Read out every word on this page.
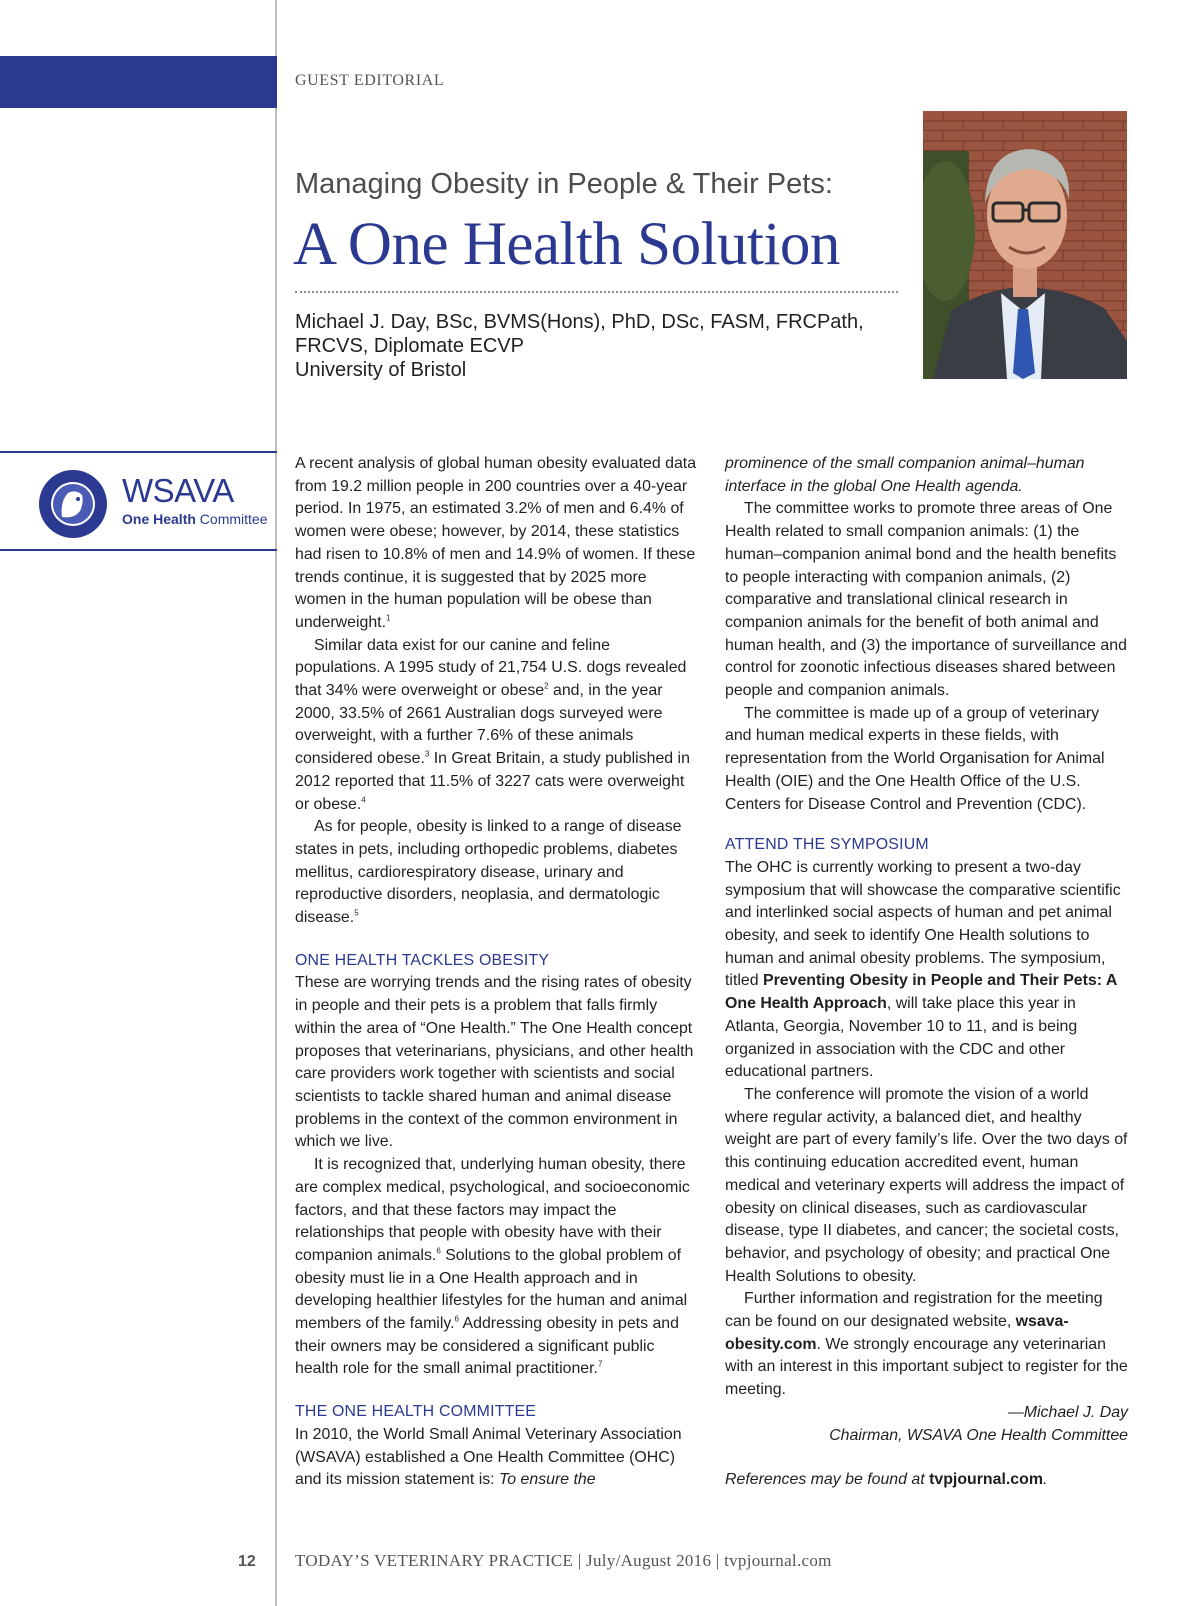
GUEST EDITORIAL
Managing Obesity in People & Their Pets:
A One Health Solution
Michael J. Day, BSc, BVMS(Hons), PhD, DSc, FASM, FRCPath,
FRCVS, Diplomate ECVP
University of Bristol
WSAVA
One Health Committee

A recent analysis of global human obesity evaluated data from 19.2 million people in 200 countries over a 40-year period. In 1975, an estimated 3.2% of men and 6.4% of women were obese; however, by 2014, these statistics had risen to 10.8% of men and 14.9% of women. If these trends continue, it is suggested that by 2025 more women in the human population will be obese than underweight.$^1$

Similar data exist for our canine and feline populations. A 1995 study of 21,754 U.S. dogs revealed that 34% were overweight or obese$^2$ and, in the year 2000, 33.5% of 2661 Australian dogs surveyed were overweight, with a further 7.6% of these animals considered obese.$^3$ In Great Britain, a study published in 2012 reported that 11.5% of 3227 cats were overweight or obese.$^4$

As for people, obesity is linked to a range of disease states in pets, including orthopedic problems, diabetes mellitus, cardiorespiratory disease, urinary and reproductive disorders, neoplasia, and dermatologic disease.$^5$

ONE HEALTH TACKLES OBESITY

These are worrying trends and the rising rates of obesity in people and their pets is a problem that falls firmly within the area of “One Health.” The One Health concept proposes that veterinarians, physicians, and other health care providers work together with scientists and social scientists to tackle shared human and animal disease problems in the context of the common environment in which we live.

It is recognized that, underlying human obesity, there are complex medical, psychological, and socioeconomic factors, and that these factors may impact the relationships that people with obesity have with their companion animals.$^6$ Solutions to the global problem of obesity must lie in a One Health approach and in developing healthier lifestyles for the human and animal members of the family.$^6$ Addressing obesity in pets and their owners may be considered a significant public health role for the small animal practitioner.$^7$

THE ONE HEALTH COMMITTEE

In 2010, the World Small Animal Veterinary Association (WSAVA) established a One Health Committee (OHC) and its mission statement is: To ensure the

prominence of the small companion animal–human interface in the global One Health agenda.

The committee works to promote three areas of One Health related to small companion animals: (1) the human–companion animal bond and the health benefits to people interacting with companion animals, (2) comparative and translational clinical research in companion animals for the benefit of both animal and human health, and (3) the importance of surveillance and control for zoonotic infectious diseases shared between people and companion animals.

The committee is made up of a group of veterinary and human medical experts in these fields, with representation from the World Organisation for Animal Health (OIE) and the One Health Office of the U.S. Centers for Disease Control and Prevention (CDC).

ATTEND THE SYMPOSIUM

The OHC is currently working to present a two-day symposium that will showcase the comparative scientific and interlinked social aspects of human and pet animal obesity, and seek to identify One Health solutions to human and animal obesity problems. The symposium, titled Preventing Obesity in People and Their Pets: A One Health Approach, will take place this year in Atlanta, Georgia, November 10 to 11, and is being organized in association with the CDC and other educational partners.

The conference will promote the vision of a world where regular activity, a balanced diet, and healthy weight are part of every family’s life. Over the two days of this continuing education accredited event, human medical and veterinary experts will address the impact of obesity on clinical diseases, such as cardiovascular disease, type II diabetes, and cancer; the societal costs, behavior, and psychology of obesity; and practical One Health Solutions to obesity.

Further information and registration for the meeting can be found on our designated website, wsava-obesity.com. We strongly encourage any veterinarian with an interest in this important subject to register for the meeting.

—Michael J. Day

Chairman, WSAVA One Health Committee

References may be found at tvpjournal.com.

12 TODAY’S VETERINARY PRACTICE | July/August 2016 | tvpjournal.com
